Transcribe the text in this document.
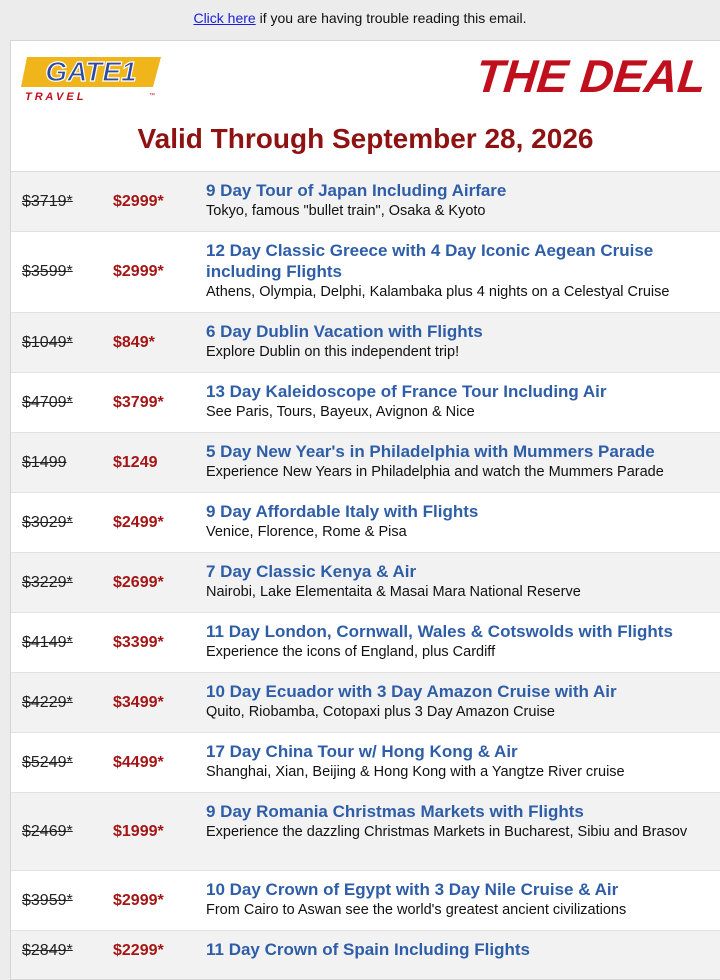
Click here if you are having trouble reading this email.
GATE1
T R A V E L	™	THE DEAL
Valid Through September 28, 2026
$3719*	$2999*
9 Day Tour of Japan Including Airfare
Tokyo, famous "bullet train", Osaka & Kyoto
$3599*	$2999*
12 Day Classic Greece with 4 Day Iconic Aegean Cruise including Flights
Athens, Olympia, Delphi, Kalambaka plus 4 nights on a Celestyal Cruise
$1049*	$849*
6 Day Dublin Vacation with Flights
Explore Dublin on this independent trip!
$4709*	$3799*
13 Day Kaleidoscope of France Tour Including Air
See Paris, Tours, Bayeux, Avignon & Nice
$1499	$1249
5 Day New Year's in Philadelphia with Mummers Parade
Experience New Years in Philadelphia and watch the Mummers Parade
$3029*	$2499*
9 Day Affordable Italy with Flights
Venice, Florence, Rome & Pisa
$3229*	$2699*
7 Day Classic Kenya & Air
Nairobi, Lake Elementaita & Masai Mara National Reserve
$4149*	$3399*
11 Day London, Cornwall, Wales & Cotswolds with Flights
Experience the icons of England, plus Cardiff
$4229*	$3499*
10 Day Ecuador with 3 Day Amazon Cruise with Air
Quito, Riobamba, Cotopaxi plus 3 Day Amazon Cruise
$5249*	$4499*
17 Day China Tour w/ Hong Kong & Air
Shanghai, Xian, Beijing & Hong Kong with a Yangtze River cruise
$2469*	$1999*
9 Day Romania Christmas Markets with Flights
Experience the dazzling Christmas Markets in Bucharest, Sibiu and Brasov
$3959*	$2999*
10 Day Crown of Egypt with 3 Day Nile Cruise & Air
From Cairo to Aswan see the world's greatest ancient civilizations
$2849*	$2299* 11 Day Crown of Spain Including Flights
